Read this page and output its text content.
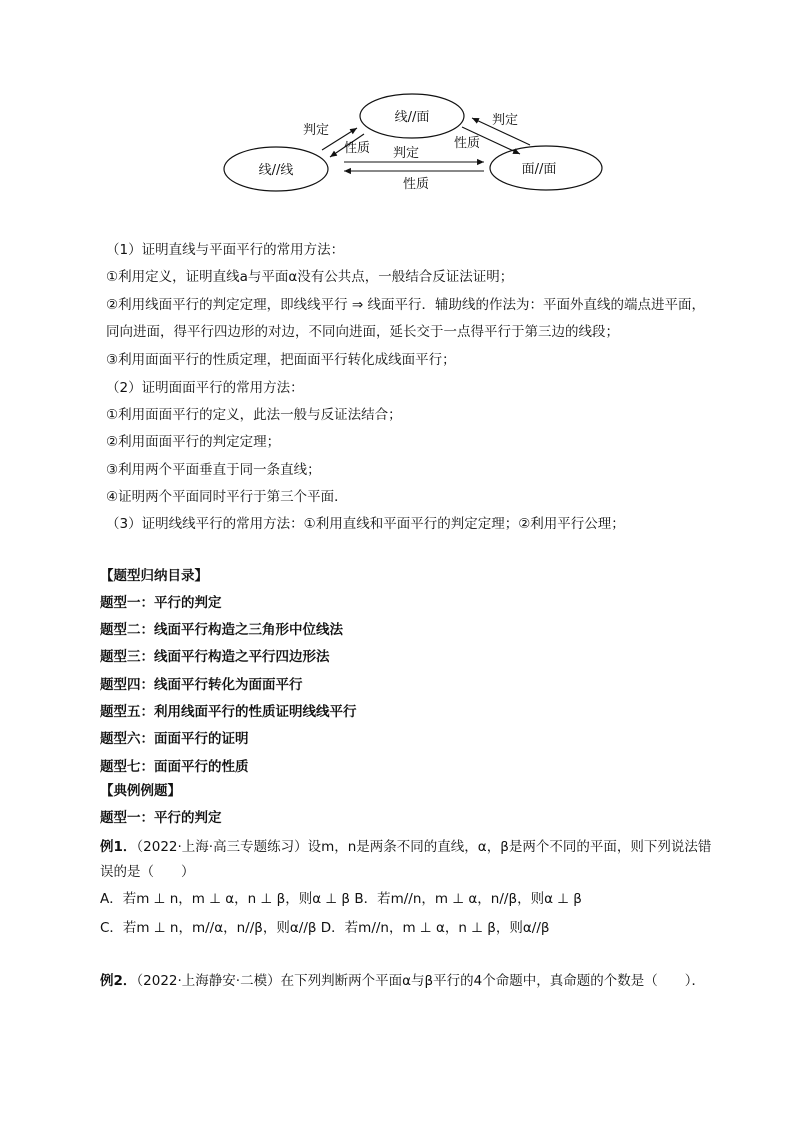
线//面
线//线	面//面
判定
性质
判定
性质
判定
性质
（1）证明直线与平面平行的常用方法：
①利用定义，证明直线a与平面α没有公共点，一般结合反证法证明；
②利用线面平行的判定定理，即线线平行 ⇒ 线面平行．辅助线的作法为：平面外直线的端点进平面，
同向进面，得平行四边形的对边，不同向进面，延长交于一点得平行于第三边的线段；
③利用面面平行的性质定理，把面面平行转化成线面平行；
（2）证明面面平行的常用方法：
①利用面面平行的定义，此法一般与反证法结合；
②利用面面平行的判定定理；
③利用两个平面垂直于同一条直线；
④证明两个平面同时平行于第三个平面．
（3）证明线线平行的常用方法：①利用直线和平面平行的判定定理；②利用平行公理；
【题型归纳目录】
题型一：平行的判定
题型二：线面平行构造之三角形中位线法
题型三：线面平行构造之平行四边形法
题型四：线面平行转化为面面平行
题型五：利用线面平行的性质证明线线平行
题型六：面面平行的证明
题型七：面面平行的性质
【典例例题】
题型一：平行的判定
例1．（2022·上海·高三专题练习）设m，n是两条不同的直线，α，β是两个不同的平面，则下列说法错
误的是（　　）
A．若m ⊥ n，m ⊥ α，n ⊥ β，则α ⊥ β B．若m//n，m ⊥ α，n//β，则α ⊥ β
C．若m ⊥ n，m//α，n//β，则α//β D．若m//n，m ⊥ α，n ⊥ β，则α//β
例2．（2022·上海静安·二模）在下列判断两个平面α与β平行的4个命题中，真命题的个数是（　　）．
